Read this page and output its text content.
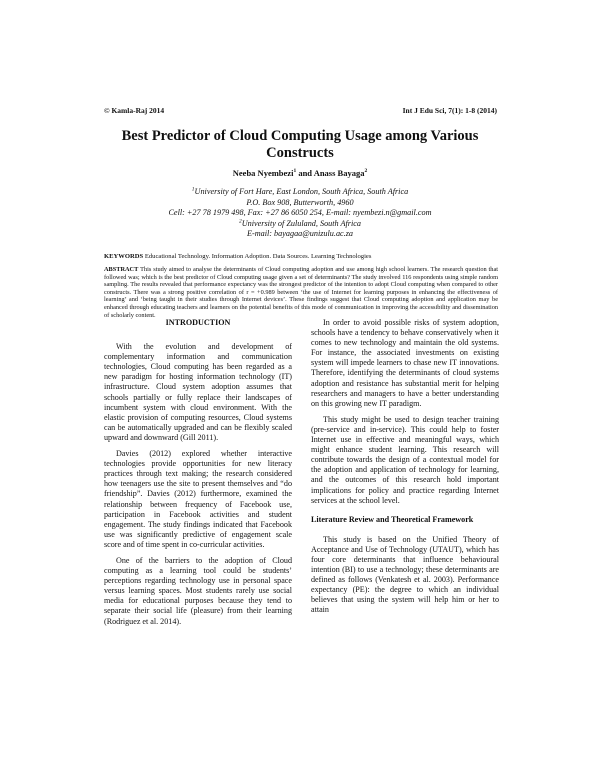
© Kamla-Raj 2014	Int J Edu Sci, 7(1): 1-8 (2014)
Best Predictor of Cloud Computing Usage among Various Constructs
Neeba Nyembezi$^1$ and Anass Bayaga$^2$
$^1$University of Fort Hare, East London, South Africa, South Africa
P.O. Box 908, Butterworth, 4960
Cell: +27 78 1979 498, Fax: +27 86 6050 254, E-mail: nyembezi.n@gmail.com
$^2$University of Zululand, South Africa
E-mail: bayagaa@unizulu.ac.za
KEYWORDS Educational Technology. Information Adoption. Data Sources. Learning Technologies
ABSTRACT This study aimed to analyse the determinants of Cloud computing adoption and use among high school learners. The research question that followed was; which is the best predictor of Cloud computing usage given a set of determinants? The study involved 116 respondents using simple random sampling. The results revealed that performance expectancy was the strongest predictor of the intention to adopt Cloud computing when compared to other constructs. There was a strong positive correlation of r = +0.989 between ‘the use of Internet for learning purposes in enhancing the effectiveness of learning’ and ‘being taught in their studies through Internet devices’. These findings suggest that Cloud computing adoption and application may be enhanced through educating teachers and learners on the potential benefits of this mode of communication in improving the accessibility and dissemination of scholarly content.
INTRODUCTION

With the evolution and development of complementary information and communication technologies, Cloud computing has been regarded as a new paradigm for hosting information technology (IT) infrastructure. Cloud system adoption assumes that schools partially or fully replace their landscapes of incumbent system with cloud environment. With the elastic provision of computing resources, Cloud systems can be automatically upgraded and can be flexibly scaled upward and downward (Gill 2011).

Davies (2012) explored whether interactive technologies provide opportunities for new literacy practices through text making; the research considered how teenagers use the site to present themselves and “do friendship”. Davies (2012) furthermore, examined the relationship between frequency of Facebook use, participation in Facebook activities and student engagement. The study findings indicated that Facebook use was significantly predictive of engagement scale score and of time spent in co-curricular activities.

One of the barriers to the adoption of Cloud computing as a learning tool could be students’ perceptions regarding technology use in personal space versus learning spaces. Most students rarely use social media for educational purposes because they tend to separate their social life (pleasure) from their learning (Rodriguez et al. 2014).

In order to avoid possible risks of system adoption, schools have a tendency to behave conservatively when it comes to new technology and maintain the old systems. For instance, the associated investments on existing system will impede learners to chase new IT innovations. Therefore, identifying the determinants of cloud systems adoption and resistance has substantial merit for helping researchers and managers to have a better understanding on this growing new IT paradigm.

This study might be used to design teacher training (pre-service and in-service). This could help to foster Internet use in effective and meaningful ways, which might enhance student learning. This research will contribute towards the design of a contextual model for the adoption and application of technology for learning, and the outcomes of this research hold important implications for policy and practice regarding Internet services at the school level.

Literature Review and Theoretical Framework

This study is based on the Unified Theory of Acceptance and Use of Technology (UTAUT), which has four core determinants that influence behavioural intention (BI) to use a technology; these determinants are defined as follows (Venkatesh et al. 2003). Performance expectancy (PE): the degree to which an individual believes that using the system will help him or her to attain
